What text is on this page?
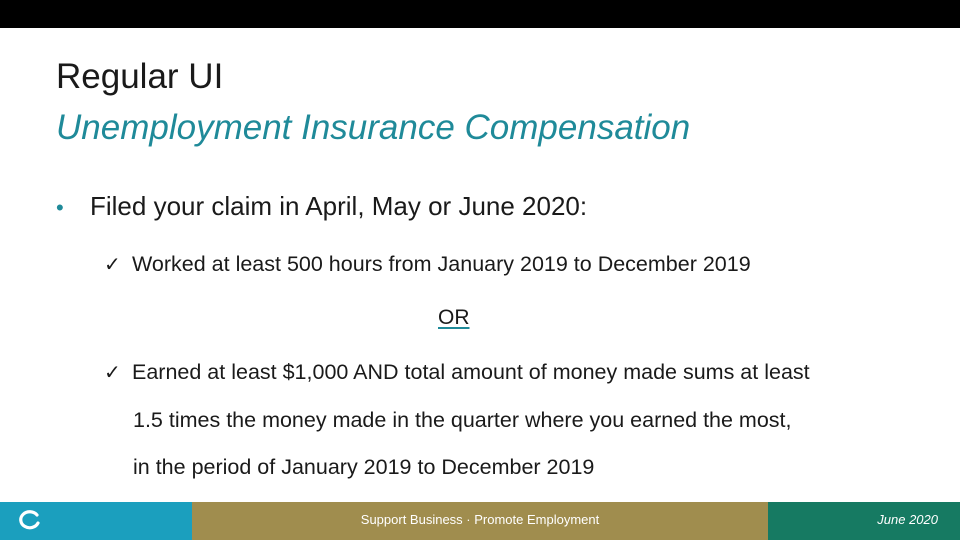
Regular UI
Unemployment Insurance Compensation
• Filed your claim in April, May or June 2020:
✓ Worked at least 500 hours from January 2019 to December 2019
OR
✓ Earned at least $1,000 AND total amount of money made sums at least
1.5 times the money made in the quarter where you earned the most,
in the period of January 2019 to December 2019
Support Business · Promote Employment	June 2020
